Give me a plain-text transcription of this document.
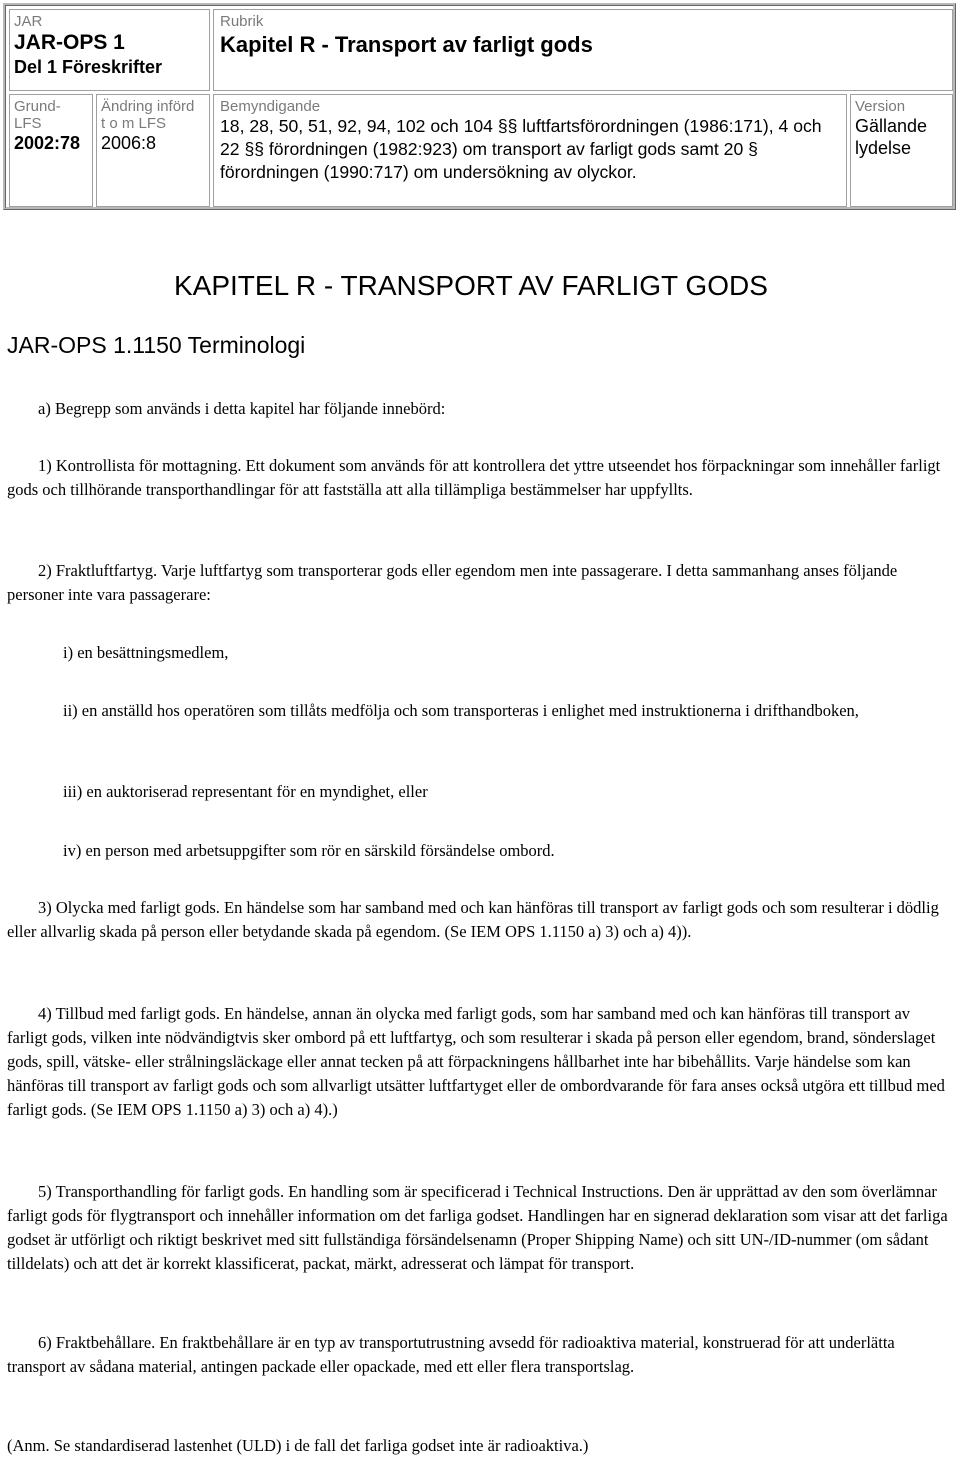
JAR
JAR-OPS 1
Del 1 Föreskrifter
Rubrik
Kapitel R - Transport av farligt gods
Grund-
LFS
2002:78
Ändring införd
t o m LFS
2006:8
Bemyndigande
18, 28, 50, 51, 92, 94, 102 och 104 §§ luftfartsförordningen (1986:171), 4 och 22 §§ förordningen (1982:923) om transport av farligt gods samt 20 § förordningen (1990:717) om undersökning av olyckor.
Version
Gällande lydelse
KAPITEL R - TRANSPORT AV FARLIGT GODS
JAR-OPS 1.1150 Terminologi

a) Begrepp som används i detta kapitel har följande innebörd:

1) Kontrollista för mottagning. Ett dokument som används för att kontrollera det yttre utseendet hos förpackningar som innehåller farligt gods och tillhörande transporthandlingar för att fastställa att alla tillämpliga bestämmelser har uppfyllts.

2) Fraktluftfartyg. Varje luftfartyg som transporterar gods eller egendom men inte passagerare. I detta sammanhang anses följande personer inte vara passagerare:

i) en besättningsmedlem,

ii) en anställd hos operatören som tillåts medfölja och som transporteras i enlighet med instruktionerna i drifthandboken,

iii) en auktoriserad representant för en myndighet, eller

iv) en person med arbetsuppgifter som rör en särskild försändelse ombord.

3) Olycka med farligt gods. En händelse som har samband med och kan hänföras till transport av farligt gods och som resulterar i dödlig eller allvarlig skada på person eller betydande skada på egendom. (Se IEM OPS 1.1150 a) 3) och a) 4)).

4) Tillbud med farligt gods. En händelse, annan än olycka med farligt gods, som har samband med och kan hänföras till transport av farligt gods, vilken inte nödvändigtvis sker ombord på ett luftfartyg, och som resulterar i skada på person eller egendom, brand, sönderslaget gods, spill, vätske- eller strålningsläckage eller annat tecken på att förpackningens hållbarhet inte har bibehållits. Varje händelse som kan hänföras till transport av farligt gods och som allvarligt utsätter luftfartyget eller de ombordvarande för fara anses också utgöra ett tillbud med farligt gods. (Se IEM OPS 1.1150 a) 3) och a) 4).)

5) Transporthandling för farligt gods. En handling som är specificerad i Technical Instructions. Den är upprättad av den som överlämnar farligt gods för flygtransport och innehåller information om det farliga godset. Handlingen har en signerad deklaration som visar att det farliga godset är utförligt och riktigt beskrivet med sitt fullständiga försändelsenamn (Proper Shipping Name) och sitt UN-/ID-nummer (om sådant tilldelats) och att det är korrekt klassificerat, packat, märkt, adresserat och lämpat för transport.

6) Fraktbehållare. En fraktbehållare är en typ av transportutrustning avsedd för radioaktiva material, konstruerad för att underlätta transport av sådana material, antingen packade eller opackade, med ett eller flera transportslag.

(Anm. Se standardiserad lastenhet (ULD) i de fall det farliga godset inte är radioaktiva.)
